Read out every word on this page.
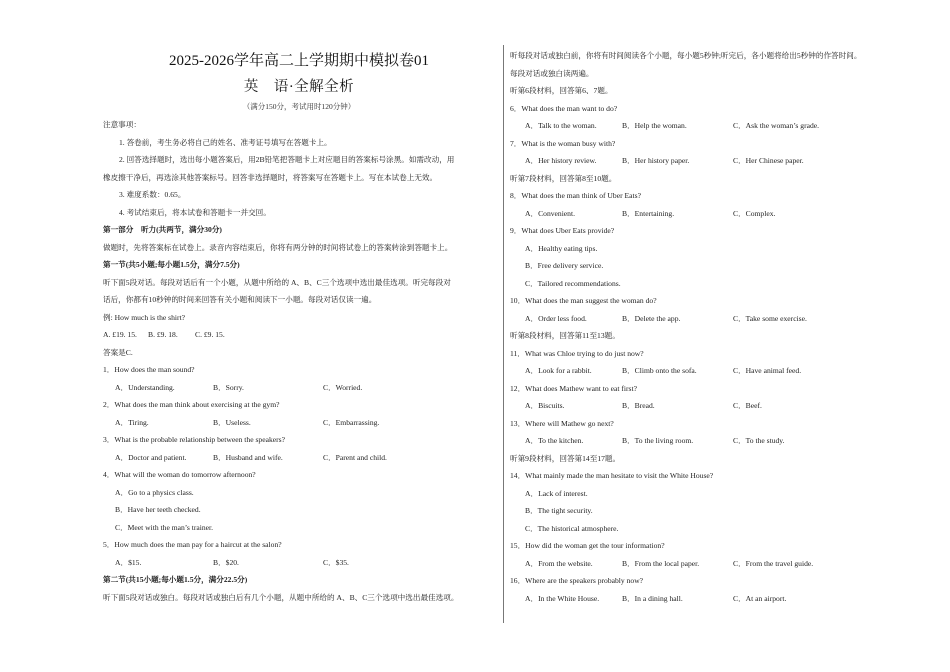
2025-2026学年高二上学期期中模拟卷01
英　语·全解全析
（满分150分，考试用时120分钟）
注意事项：
1. 答卷前，考生务必将自己的姓名、准考证号填写在答题卡上。
2. 回答选择题时，选出每小题答案后，用2B铅笔把答题卡上对应题目的答案标号涂黑。如需改动，用
橡皮擦干净后，再选涂其他答案标号。回答非选择题时，将答案写在答题卡上。写在本试卷上无效。
3. 难度系数：0.65。
4. 考试结束后，将本试卷和答题卡一并交回。
第一部分　听力(共两节，满分30分)
做题时，先将答案标在试卷上。录音内容结束后，你将有两分钟的时间将试卷上的答案转涂到答题卡上。
第一节(共5小题;每小题1.5分，满分7.5分)
听下面5段对话。每段对话后有一个小题，从题中所给的 A、B、C三个选项中选出最佳选项。听完每段对
话后，你都有10秒钟的时间来回答有关小题和阅读下一小题。每段对话仅读一遍。
例: How much is the shirt?
A. £19. 15. B. £9. 18. C. £9. 15.
答案是C.
1．How does the man sound?
A．Understanding.	B．Sorry.	C．Worried.
2．What does the man think about exercising at the gym?
A．Tiring.	B．Useless.	C．Embarrassing.
3．What is the probable relationship between the speakers?
A．Doctor and patient.	B．Husband and wife.	C．Parent and child.
4．What will the woman do tomorrow afternoon?
A．Go to a physics class.
B．Have her teeth checked.
C．Meet with the man’s trainer.
5．How much does the man pay for a haircut at the salon?
A．$15.	B．$20.	C．$35.
第二节(共15小题;每小题1.5分，满分22.5分)
听下面5段对话或独白。每段对话或独白后有几个小题，从题中所给的 A、B、C三个选项中选出最佳选项。
听每段对话或独白前，你将有时间阅读各个小题，每小题5秒钟;听完后，各小题将给出5秒钟的作答时间。
每段对话或独白读两遍。
听第6段材料，回答第6、7题。
6．What does the man want to do?
A．Talk to the woman.	B．Help the woman.	C．Ask the woman’s grade.
7．What is the woman busy with?
A．Her history review.	B．Her history paper.	C．Her Chinese paper.
听第7段材料，回答第8至10题。
8．What does the man think of Uber Eats?
A．Convenient.	B．Entertaining.	C．Complex.
9．What does Uber Eats provide?
A．Healthy eating tips.
B．Free delivery service.
C．Tailored recommendations.
10．What does the man suggest the woman do?
A．Order less food.	B．Delete the app.	C．Take some exercise.
听第8段材料，回答第11至13题。
11．What was Chloe trying to do just now?
A．Look for a rabbit.	B．Climb onto the sofa.	C．Have animal feed.
12．What does Mathew want to eat first?
A．Biscuits.	B．Bread.	C．Beef.
13．Where will Mathew go next?
A．To the kitchen.	B．To the living room.	C．To the study.
听第9段材料，回答第14至17题。
14．What mainly made the man hesitate to visit the White House?
A．Lack of interest.
B．The tight security.
C．The historical atmosphere.
15．How did the woman get the tour information?
A．From the website.	B．From the local paper.	C．From the travel guide.
16．Where are the speakers probably now?
A．In the White House.	B．In a dining hall.	C．At an airport.
